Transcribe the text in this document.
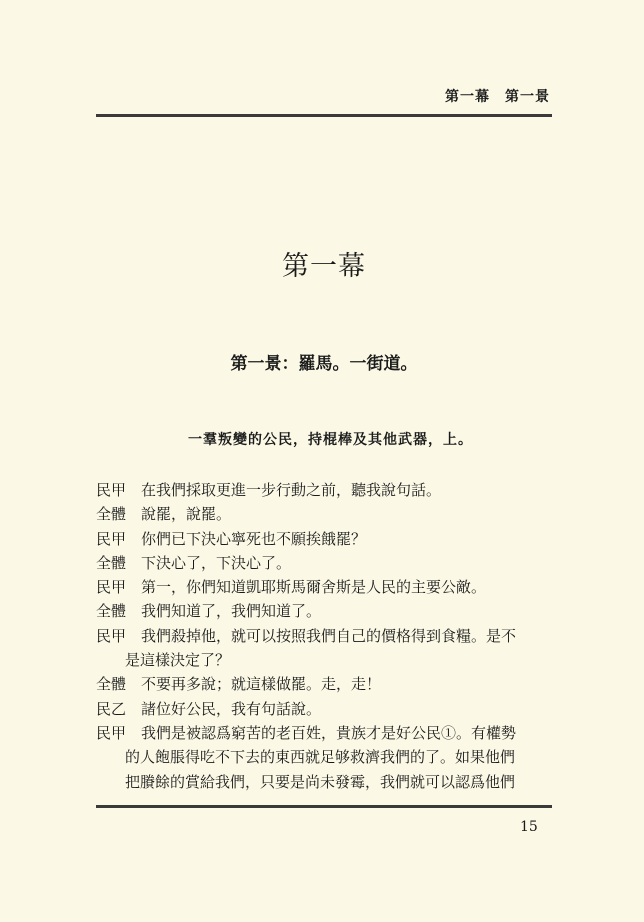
第一幕　第一景
第一幕
第一景：羅馬。一街道。
一羣叛變的公民，持棍棒及其他武器，上。
民甲 在我們採取更進一步行動之前，聽我說句話。
全體 說罷，說罷。
民甲 你們已下決心寧死也不願挨餓罷？
全體 下決心了，下決心了。
民甲 第一，你們知道凱耶斯馬爾舍斯是人民的主要公敵。
全體 我們知道了，我們知道了。
民甲 我們殺掉他，就可以按照我們自己的價格得到食糧。是不
是這樣決定了？
全體 不要再多說；就這樣做罷。走，走！
民乙 諸位好公民，我有句話說。
民甲 我們是被認爲窮苦的老百姓，貴族才是好公民①。有權勢
的人飽脹得吃不下去的東西就足够救濟我們的了。如果他們
把賸餘的賞給我們，只要是尚未發霉，我們就可以認爲他們
15
